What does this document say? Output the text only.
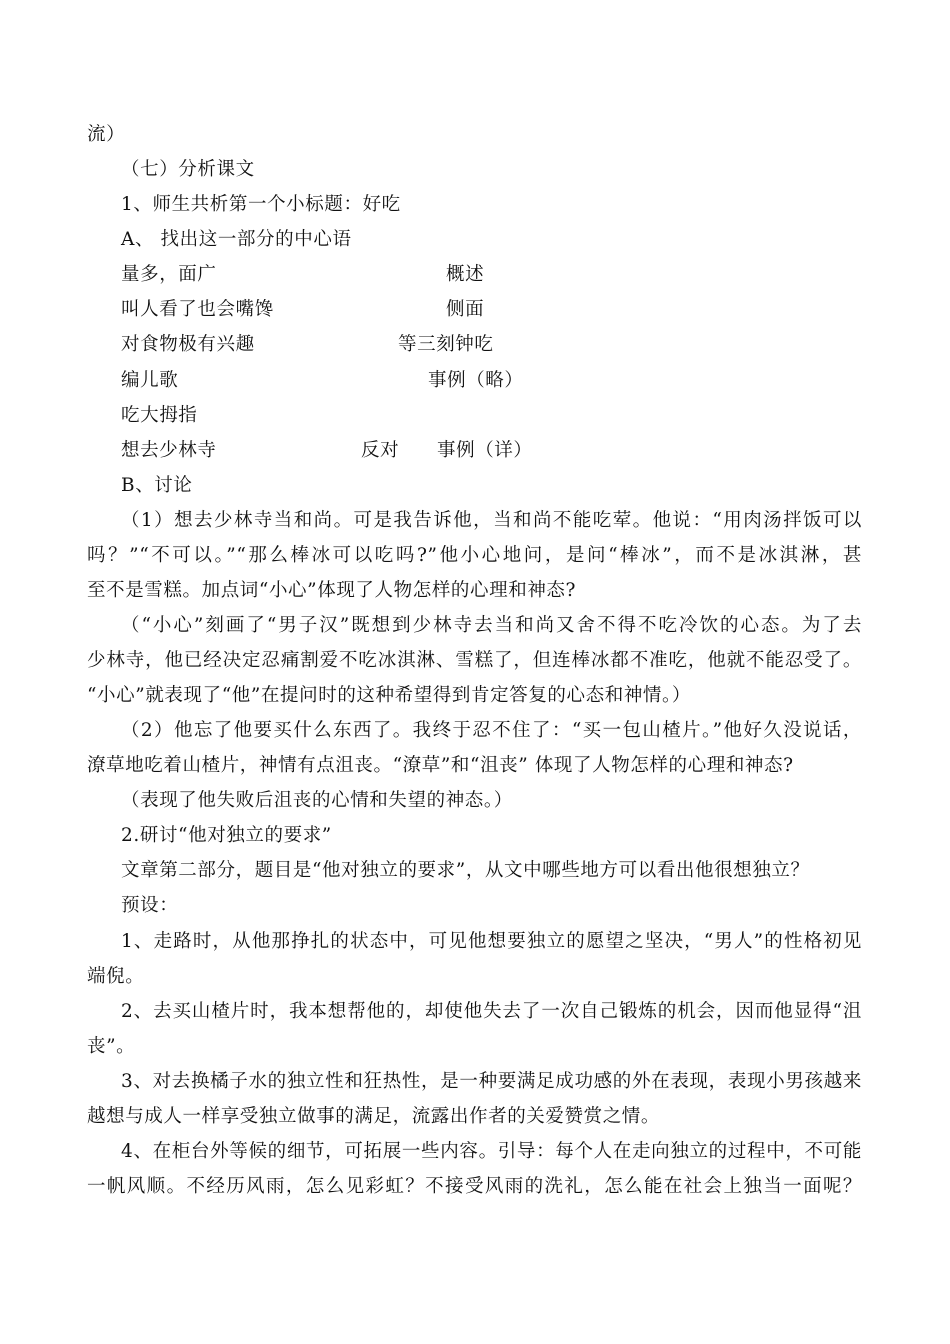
流）
（七）分析课文
1、师生共析第一个小标题：好吃
A、 找出这一部分的中心语
量多，面广	概述
叫人看了也会嘴馋	侧面
对食物极有兴趣	等三刻钟吃
编儿歌	事例（略）
吃大拇指
想去少林寺	反对 事例（详）
B、讨论
（1）想去少林寺当和尚。可是我告诉他，当和尚不能吃荤。他说：“用肉汤拌饭可以
吗？”“不可以。”“那么棒冰可以吃吗?”他小心地问，是问“棒冰”，而不是冰淇淋，甚
至不是雪糕。加点词“小心”体现了人物怎样的心理和神态?
（“小心”刻画了“男子汉”既想到少林寺去当和尚又舍不得不吃冷饮的心态。为了去
少林寺，他已经决定忍痛割爱不吃冰淇淋、雪糕了，但连棒冰都不准吃，他就不能忍受了。
“小心”就表现了“他”在提问时的这种希望得到肯定答复的心态和神情。）
（2）他忘了他要买什么东西了。我终于忍不住了：“买一包山楂片。”他好久没说话，
潦草地吃着山楂片，神情有点沮丧。“潦草”和“沮丧” 体现了人物怎样的心理和神态?
（表现了他失败后沮丧的心情和失望的神态。）
2.研讨“他对独立的要求”
文章第二部分，题目是“他对独立的要求”，从文中哪些地方可以看出他很想独立？
预设：
1、走路时，从他那挣扎的状态中，可见他想要独立的愿望之坚决，“男人”的性格初见
端倪。
2、去买山楂片时，我本想帮他的，却使他失去了一次自己锻炼的机会，因而他显得“沮
丧”。
3、对去换橘子水的独立性和狂热性，是一种要满足成功感的外在表现，表现小男孩越来
越想与成人一样享受独立做事的满足，流露出作者的关爱赞赏之情。
4、在柜台外等候的细节，可拓展一些内容。引导：每个人在走向独立的过程中，不可能
一帆风顺。不经历风雨，怎么见彩虹？不接受风雨的洗礼，怎么能在社会上独当一面呢？
